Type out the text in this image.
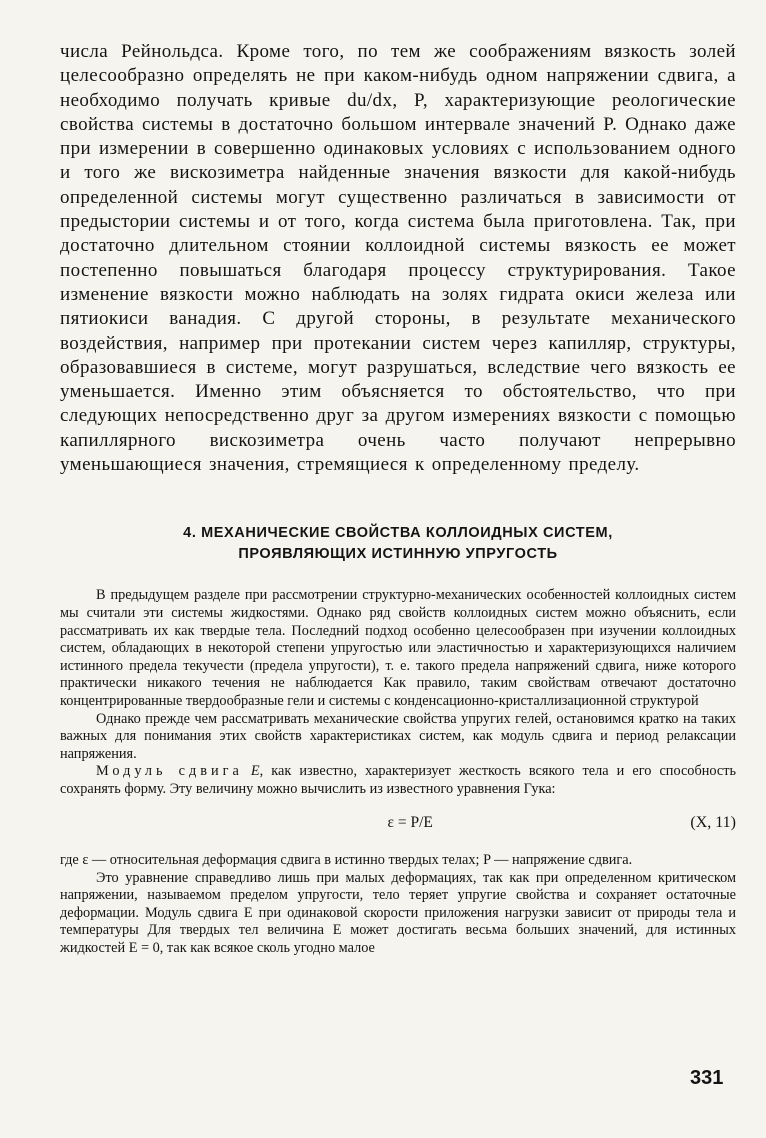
числа Рейнольдса. Кроме того, по тем же соображениям вязкость золей целесообразно определять не при каком-нибудь одном напряжении сдвига, а необходимо получать кривые du/dx, P, характеризующие реологические свойства системы в достаточно большом интервале значений P. Однако даже при измерении в совершенно одинаковых условиях с использованием одного и того же вискозиметра найденные значения вязкости для какой-нибудь определенной системы могут существенно различаться в зависимости от предыстории системы и от того, когда система была приготовлена. Так, при достаточно длительном стоянии коллоидной системы вязкость ее может постепенно повышаться благодаря процессу структурирования. Такое изменение вязкости можно наблюдать на золях гидрата окиси железа или пятиокиси ванадия. С другой стороны, в результате механического воздействия, например при протекании систем через капилляр, структуры, образовавшиеся в системе, могут разрушаться, вследствие чего вязкость ее уменьшается. Именно этим объясняется то обстоятельство, что при следующих непосредственно друг за другом измерениях вязкости с помощью капиллярного вискозиметра очень часто получают непрерывно уменьшающиеся значения, стремящиеся к определенному пределу.

4. МЕХАНИЧЕСКИЕ СВОЙСТВА КОЛЛОИДНЫХ СИСТЕМ,
ПРОЯВЛЯЮЩИХ ИСТИННУЮ УПРУГОСТЬ

В предыдущем разделе при рассмотрении структурно-механических особенностей коллоидных систем мы считали эти системы жидкостями. Однако ряд свойств коллоидных систем можно объяснить, если рассматривать их как твердые тела. Последний подход особенно целесообразен при изучении коллоидных систем, обладающих в некоторой степени упругостью или эластичностью и характеризующихся наличием истинного предела текучести (предела упругости), т. е. такого предела напряжений сдвига, ниже которого практически никакого течения не наблюдается Как правило, таким свойствам отвечают достаточно концентрированные твердообразные гели и системы с конденсационно-кристаллизационной структурой

Однако прежде чем рассматривать механические свойства упругих гелей, остановимся кратко на таких важных для понимания этих свойств характеристиках систем, как модуль сдвига и период релаксации напряжения.

Модуль сдвига E, как известно, характеризует жесткость всякого тела и его способность сохранять форму. Эту величину можно вычислить из известного уравнения Гука:

ε = P/E	(X, 11)

где ε — относительная деформация сдвига в истинно твердых телах; P — напряжение сдвига.

Это уравнение справедливо лишь при малых деформациях, так как при определенном критическом напряжении, называемом пределом упругости, тело теряет упругие свойства и сохраняет остаточные деформации. Модуль сдвига E при одинаковой скорости приложения нагрузки зависит от природы тела и температуры Для твердых тел величина E может достигать весьма больших значений, для истинных жидкостей E = 0, так как всякое сколь угодно малое

331
